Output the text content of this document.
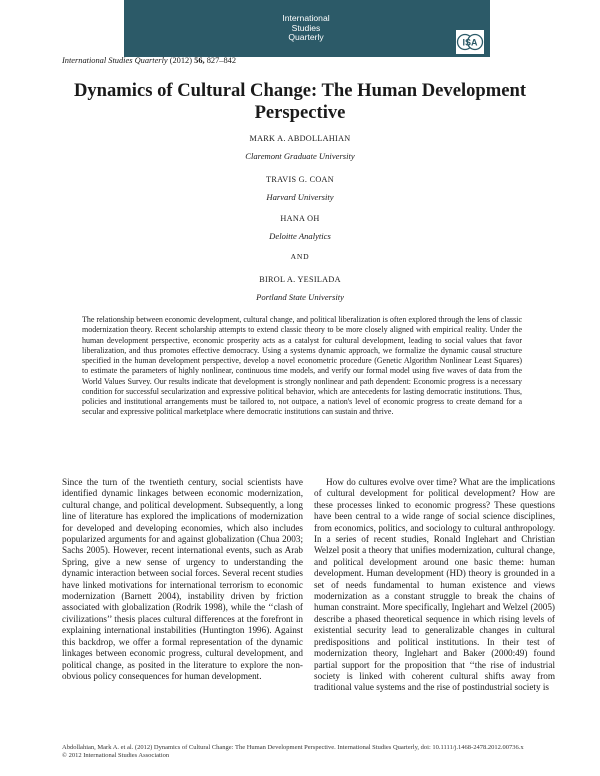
International
Studies
Quarterly
ISA
International Studies Quarterly (2012) 56, 827–842
Dynamics of Cultural Change: The Human Development
Perspective
MARK A. ABDOLLAHIAN
Claremont Graduate University
TRAVIS G. COAN
Harvard University
HANA OH
Deloitte Analytics
AND
BIROL A. YESILADA
Portland State University
The relationship between economic development, cultural change, and political liberalization is often explored through the lens of classic modernization theory. Recent scholarship attempts to extend classic theory to be more closely aligned with empirical reality. Under the human development perspective, economic prosperity acts as a catalyst for cultural development, leading to social values that favor liberalization, and thus promotes effective democracy. Using a systems dynamic approach, we formalize the dynamic causal structure specified in the human development perspective, develop a novel econometric procedure (Genetic Algorithm Nonlinear Least Squares) to estimate the parameters of highly nonlinear, continuous time models, and verify our formal model using five waves of data from the World Values Survey. Our results indicate that development is strongly nonlinear and path dependent: Economic progress is a necessary condition for successful secularization and expressive political behavior, which are antecedents for lasting democratic institutions. Thus, policies and institutional arrangements must be tailored to, not outpace, a nation's level of economic progress to create demand for a secular and expressive political marketplace where democratic institutions can sustain and thrive.
Since the turn of the twentieth century, social scientists have identified dynamic linkages between economic modernization, cultural change, and political development. Subsequently, a long line of literature has explored the implications of modernization for developed and developing economies, which also includes popularized arguments for and against globalization (Chua 2003; Sachs 2005). However, recent international events, such as Arab Spring, give a new sense of urgency to understanding the dynamic interaction between social forces. Several recent studies have linked motivations for international terrorism to economic modernization (Barnett 2004), instability driven by friction associated with globalization (Rodrik 1998), while the ‘‘clash of civilizations’’ thesis places cultural differences at the forefront in explaining international instabilities (Huntington 1996). Against this backdrop, we offer a formal representation of the dynamic linkages between economic progress, cultural development, and political change, as posited in the literature to explore the non-obvious policy consequences for human development.
How do cultures evolve over time? What are the implications of cultural development for political development? How are these processes linked to economic progress? These questions have been central to a wide range of social science disciplines, from economics, politics, and sociology to cultural anthropology. In a series of recent studies, Ronald Inglehart and Christian Welzel posit a theory that unifies modernization, cultural change, and political development around one basic theme: human development. Human development (HD) theory is grounded in a set of needs fundamental to human existence and views modernization as a constant struggle to break the chains of human constraint. More specifically, Inglehart and Welzel (2005) describe a phased theoretical sequence in which rising levels of existential security lead to generalizable changes in cultural predispositions and political institutions. In their test of modernization theory, Inglehart and Baker (2000:49) found partial support for the proposition that ‘‘the rise of industrial society is linked with coherent cultural shifts away from traditional value systems and the rise of postindustrial society is
Abdollahian, Mark A. et al. (2012) Dynamics of Cultural Change: The Human Development Perspective. International Studies Quarterly, doi: 10.1111/j.1468-2478.2012.00736.x
© 2012 International Studies Association
